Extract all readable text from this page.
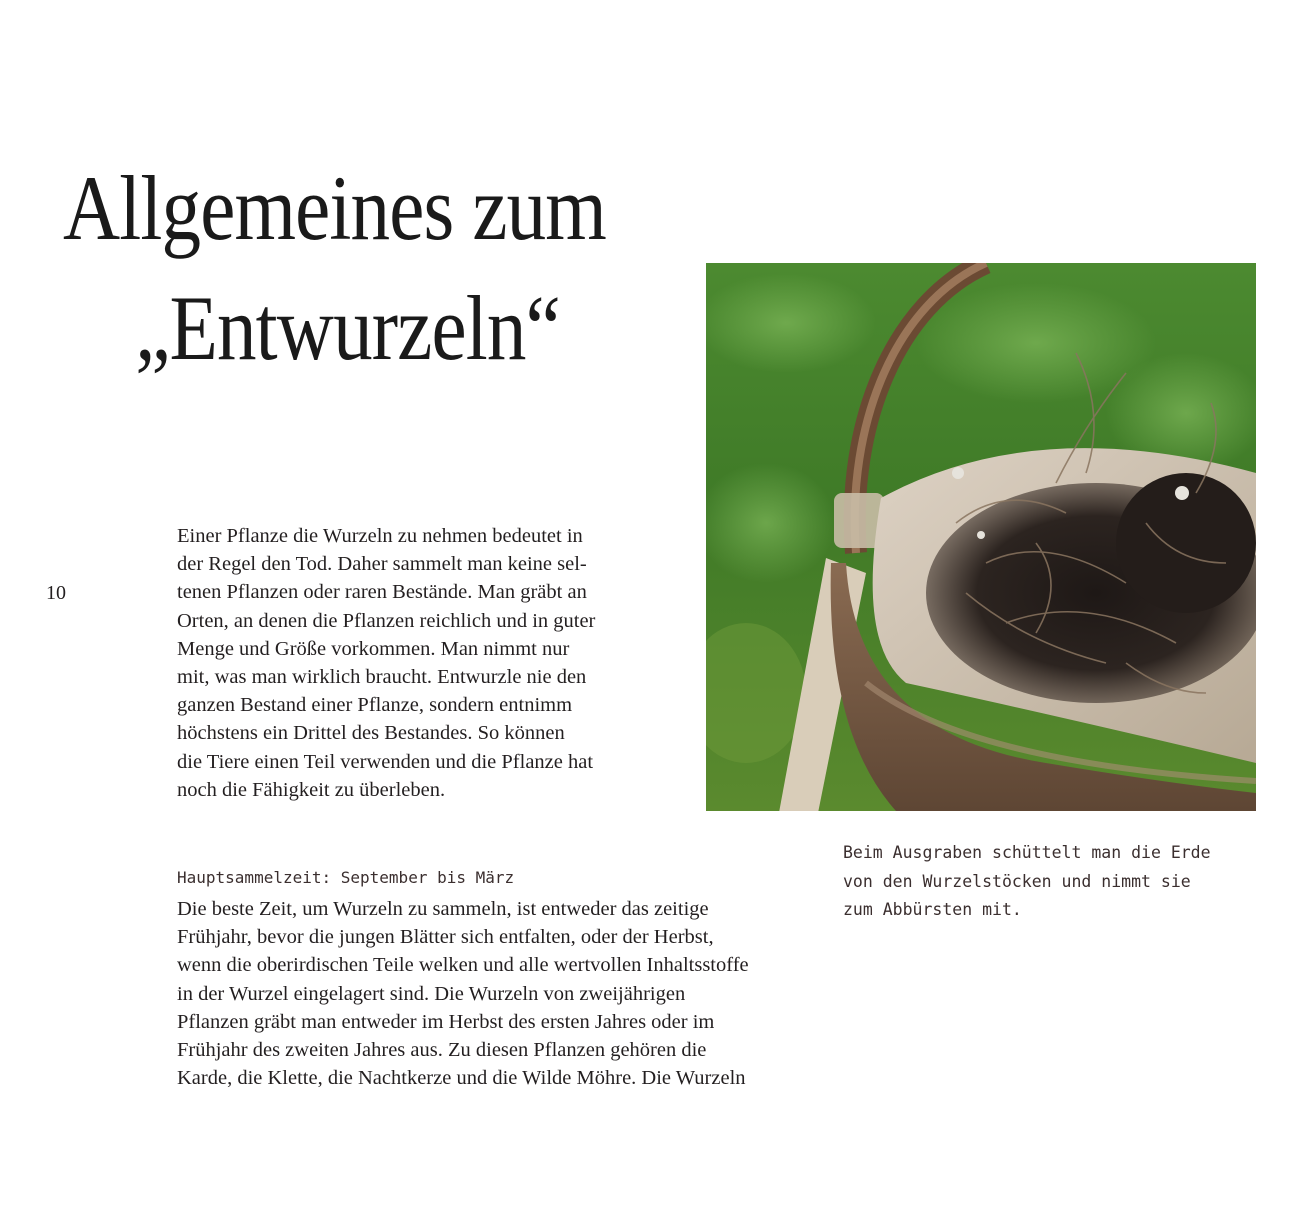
Allgemeines zum
„Entwurzeln“
10

Einer Pflanze die Wurzeln zu nehmen bedeutet in
der Regel den Tod. Daher sammelt man keine sel-
tenen Pflanzen oder raren Bestände. Man gräbt an
Orten, an denen die Pflanzen reichlich und in guter
Menge und Größe vorkommen. Man nimmt nur
mit, was man wirklich braucht. Entwurzle nie den
ganzen Bestand einer Pflanze, sondern entnimm
höchstens ein Drittel des Bestandes. So können
die Tiere einen Teil verwenden und die Pflanze hat
noch die Fähigkeit zu überleben.

Hauptsammelzeit: September bis März

Die beste Zeit, um Wurzeln zu sammeln, ist entweder das zeitige
Frühjahr, bevor die jungen Blätter sich entfalten, oder der Herbst,
wenn die oberirdischen Teile welken und alle wertvollen Inhaltsstoffe
in der Wurzel eingelagert sind. Die Wurzeln von zweijährigen
Pflanzen gräbt man entweder im Herbst des ersten Jahres oder im
Frühjahr des zweiten Jahres aus. Zu diesen Pflanzen gehören die
Karde, die Klette, die Nachtkerze und die Wilde Möhre. Die Wurzeln

Beim Ausgraben schüttelt man die Erde
von den Wurzelstöcken und nimmt sie
zum Abbürsten mit.
